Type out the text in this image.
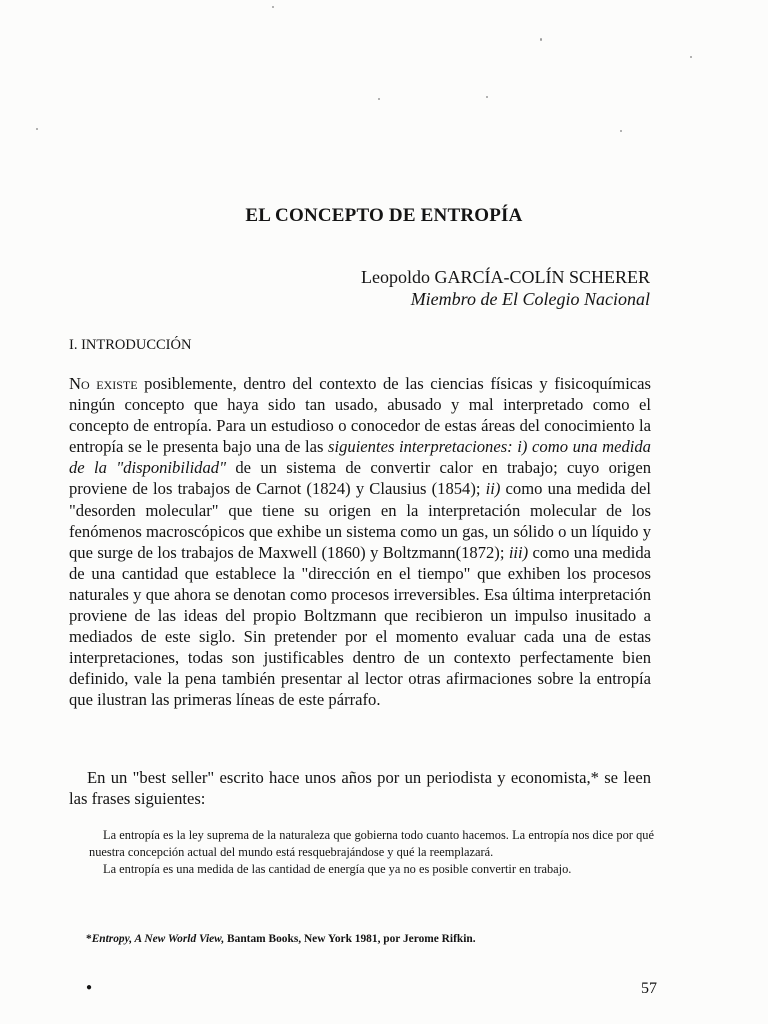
EL CONCEPTO DE ENTROPÍA
Leopoldo GARCÍA-COLÍN SCHERER
Miembro de El Colegio Nacional
I. INTRODUCCIÓN

No existe posiblemente, dentro del contexto de las ciencias físicas y fisicoquímicas ningún concepto que haya sido tan usado, abusado y mal interpretado como el concepto de entropía. Para un estudioso o conocedor de estas áreas del conocimiento la entropía se le presenta bajo una de las siguientes interpretaciones: i) como una medida de la "disponibilidad" de un sistema de convertir calor en trabajo; cuyo origen proviene de los trabajos de Carnot (1824) y Clausius (1854); ii) como una medida del "desorden molecular" que tiene su origen en la interpretación molecular de los fenómenos macroscópicos que exhibe un sistema como un gas, un sólido o un líquido y que surge de los trabajos de Maxwell (1860) y Boltzmann(1872); iii) como una medida de una cantidad que establece la "dirección en el tiempo" que exhiben los procesos naturales y que ahora se denotan como procesos irreversibles. Esa última interpretación proviene de las ideas del propio Boltzmann que recibieron un impulso inusitado a mediados de este siglo. Sin pretender por el momento evaluar cada una de estas interpretaciones, todas son justificables dentro de un contexto perfectamente bien definido, vale la pena también presentar al lector otras afirmaciones sobre la entropía que ilustran las primeras líneas de este párrafo.

En un "best seller" escrito hace unos años por un periodista y economista,* se leen las frases siguientes:

La entropía es la ley suprema de la naturaleza que gobierna todo cuanto hacemos. La entropía nos dice por qué nuestra concepción actual del mundo está resquebrajándose y qué la reemplazará.

La entropía es una medida de las cantidad de energía que ya no es posible convertir en trabajo.

*Entropy, A New World View, Bantam Books, New York 1981, por Jerome Rifkin.
●	57
